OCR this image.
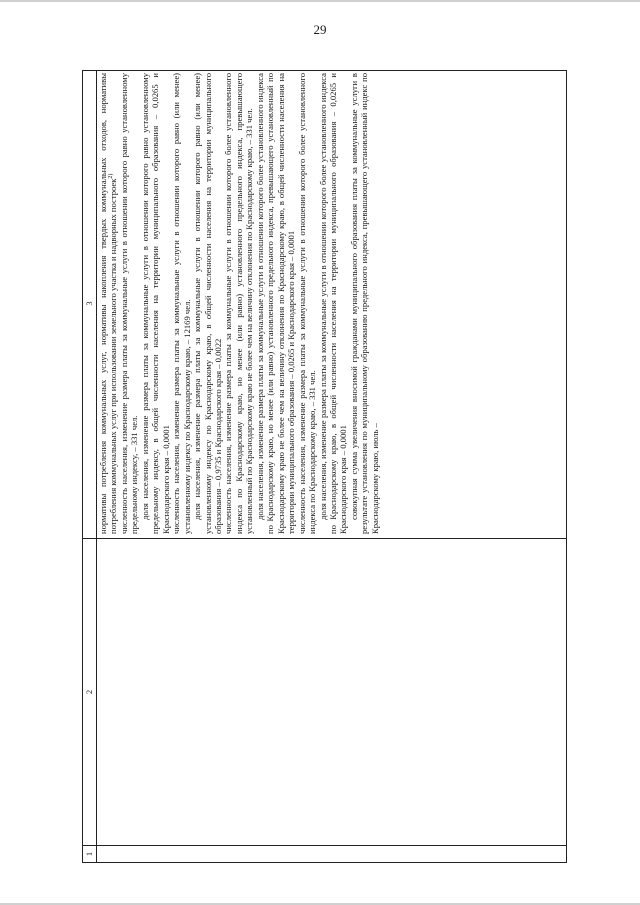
29
1
2
3 нормативы потребления коммунальных услуг, нормативы накопления твердых коммунальных отходов, нормативы потребления коммунальных услуг при использовании земельного участка и надворных построек$^{2)}$ численность населения, изменение размера платы за коммунальные услуги в отношении которого равно установленному предельному индексу, – 331 чел. доля населения, изменение размера платы за коммунальные услуги в отношении которого равно установленному предельному индексу, в общей численности населения на территории муниципального образования – 0,0265 и Краснодарского края – 0,0001 численность населения, изменение размера платы за коммунальные услуги в отношении которого равно (или менее) установленному индексу по Краснодарскому краю, – 12169 чел. доля населения, изменение размера платы за коммунальные услуги в отношении которого равно (или менее) установленному индексу по Краснодарскому краю, в общей численности населения на территории муниципального образования – 0,9735 и Краснодарского края – 0,0022 численность населения, изменение размера платы за коммунальные услуги в отношении которого более установленного индекса по Краснодарскому краю, но менее (или равно) установленного предельного индекса, превышающего установленный по Краснодарскому краю не более чем на величину отклонения по Краснодарскому краю, – 331 чел. доля населения, изменение размера платы за коммунальные услуги в отношении которого более установленного индекса по Краснодарскому краю, но менее (или равно) установленного предельного индекса, превышающего установленный по Краснодарскому краю не более чем на величину отклонения по Краснодарскому краю, в общей численности населения на территории муниципального образования – 0,0265 и Краснодарского края – 0,0001 численность населения, изменение размера платы за коммунальные услуги в отношении которого более установленного индекса по Краснодарскому краю, – 331 чел. доля населения, изменение размера платы за коммунальные услуги в отношении которого более установленного индекса по Краснодарскому краю, в общей численности населения на территории муниципального образования – 0,0265 и Краснодарского края – 0,0001 совокупная сумма увеличения вносимой гражданами муниципального образования платы за коммунальные услуги в результате установления по муниципальному образованию предельного индекса, превышающего установленный индекс по Краснодарскому краю, июль –
